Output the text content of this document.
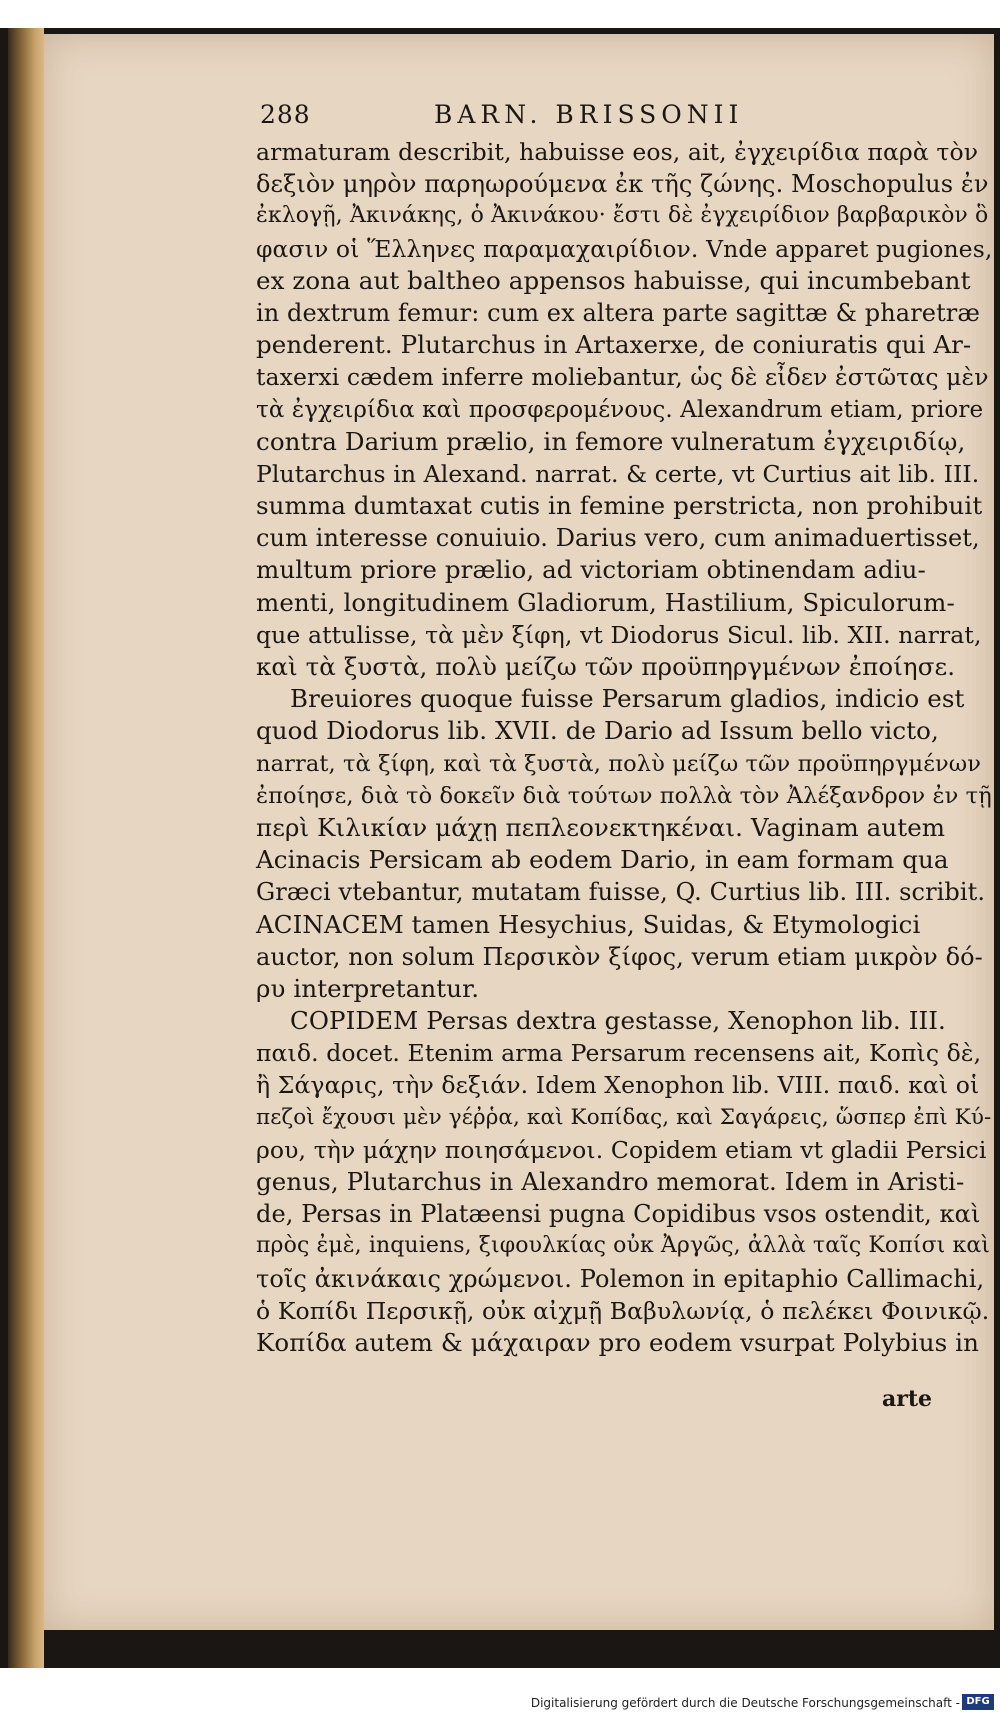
288	BARN. BRISSONII
armaturam describit, habuisse eos, ait, ἐγχειρίδια παρὰ τὸν
δεξιὸν μηρὸν παρηωρούμενα ἐκ τῆς ζώνης. Moschopulus ἐν
ἐκλογῇ, Ἀκινάκης, ὁ Ἀκινάκου· ἔστι δὲ ἐγχειρίδιον βαρβαρικὸν ὃ
φασιν οἱ Ἕλληνες παραμαχαιρίδιον. Vnde apparet pugiones,
ex zona aut baltheo appensos habuisse, qui incumbebant
in dextrum femur: cum ex altera parte sagittæ & pharetræ
penderent. Plutarchus in Artaxerxe, de coniuratis qui Ar-
taxerxi cædem inferre moliebantur, ὡς δὲ εἶδεν ἐστῶτας μὲν
τὰ ἐγχειρίδια καὶ προσφερομένους. Alexandrum etiam, priore
contra Darium prælio, in femore vulneratum ἐγχειριδίῳ,
Plutarchus in Alexand. narrat. & certe, vt Curtius ait lib. III.
summa dumtaxat cutis in femine perstricta, non prohibuit
cum interesse conuiuio. Darius vero, cum animaduertisset,
multum priore prælio, ad victoriam obtinendam adiu-
menti, longitudinem Gladiorum, Hastilium, Spiculorum-
que attulisse, τὰ μὲν ξίφη, vt Diodorus Sicul. lib. XII. narrat,
καὶ τὰ ξυστὰ, πολὺ μείζω τῶν προϋπηργμένων ἐποίησε.
Breuiores quoque fuisse Persarum gladios, indicio est
quod Diodorus lib. XVII. de Dario ad Issum bello victo,
narrat, τὰ ξίφη, καὶ τὰ ξυστὰ, πολὺ μείζω τῶν προϋπηργμένων
ἐποίησε, διὰ τὸ δοκεῖν διὰ τούτων πολλὰ τὸν Ἀλέξανδρον ἐν τῇ
περὶ Κιλικίαν μάχῃ πεπλεονεκτηκέναι. Vaginam autem
Acinacis Persicam ab eodem Dario, in eam formam qua
Græci vtebantur, mutatam fuisse, Q. Curtius lib. III. scribit.
ACINACEM tamen Hesychius, Suidas, & Etymologici
auctor, non solum Περσικὸν ξίφος, verum etiam μικρὸν δό-
ρυ interpretantur.
COPIDEM Persas dextra gestasse, Xenophon lib. III.
παιδ. docet. Etenim arma Persarum recensens ait, Κοπὶς δὲ,
ἢ Σάγαρις, τὴν δεξιάν. Idem Xenophon lib. VIII. παιδ. καὶ οἱ
πεζοὶ ἔχουσι μὲν γέῤῥα, καὶ Κοπίδας, καὶ Σαγάρεις, ὥσπερ ἐπὶ Κύ-
ρου, τὴν μάχην ποιησάμενοι. Copidem etiam vt gladii Persici
genus, Plutarchus in Alexandro memorat. Idem in Aristi-
de, Persas in Platæensi pugna Copidibus vsos ostendit, καὶ
πρὸς ἐμὲ, inquiens, ξιφουλκίας οὐκ Ἀργῶς, ἀλλὰ ταῖς Κοπίσι καὶ
τοῖς ἀκινάκαις χρώμενοι. Polemon in epitaphio Callimachi,
ὁ Κοπίδι Περσικῇ, οὐκ αἰχμῇ Βαβυλωνίᾳ, ὁ πελέκει Φοινικῷ.
Κοπίδα autem & μάχαιραν pro eodem vsurpat Polybius in
arte
Digitalisierung gefördert durch die Deutsche Forschungsgemeinschaft - DFG
